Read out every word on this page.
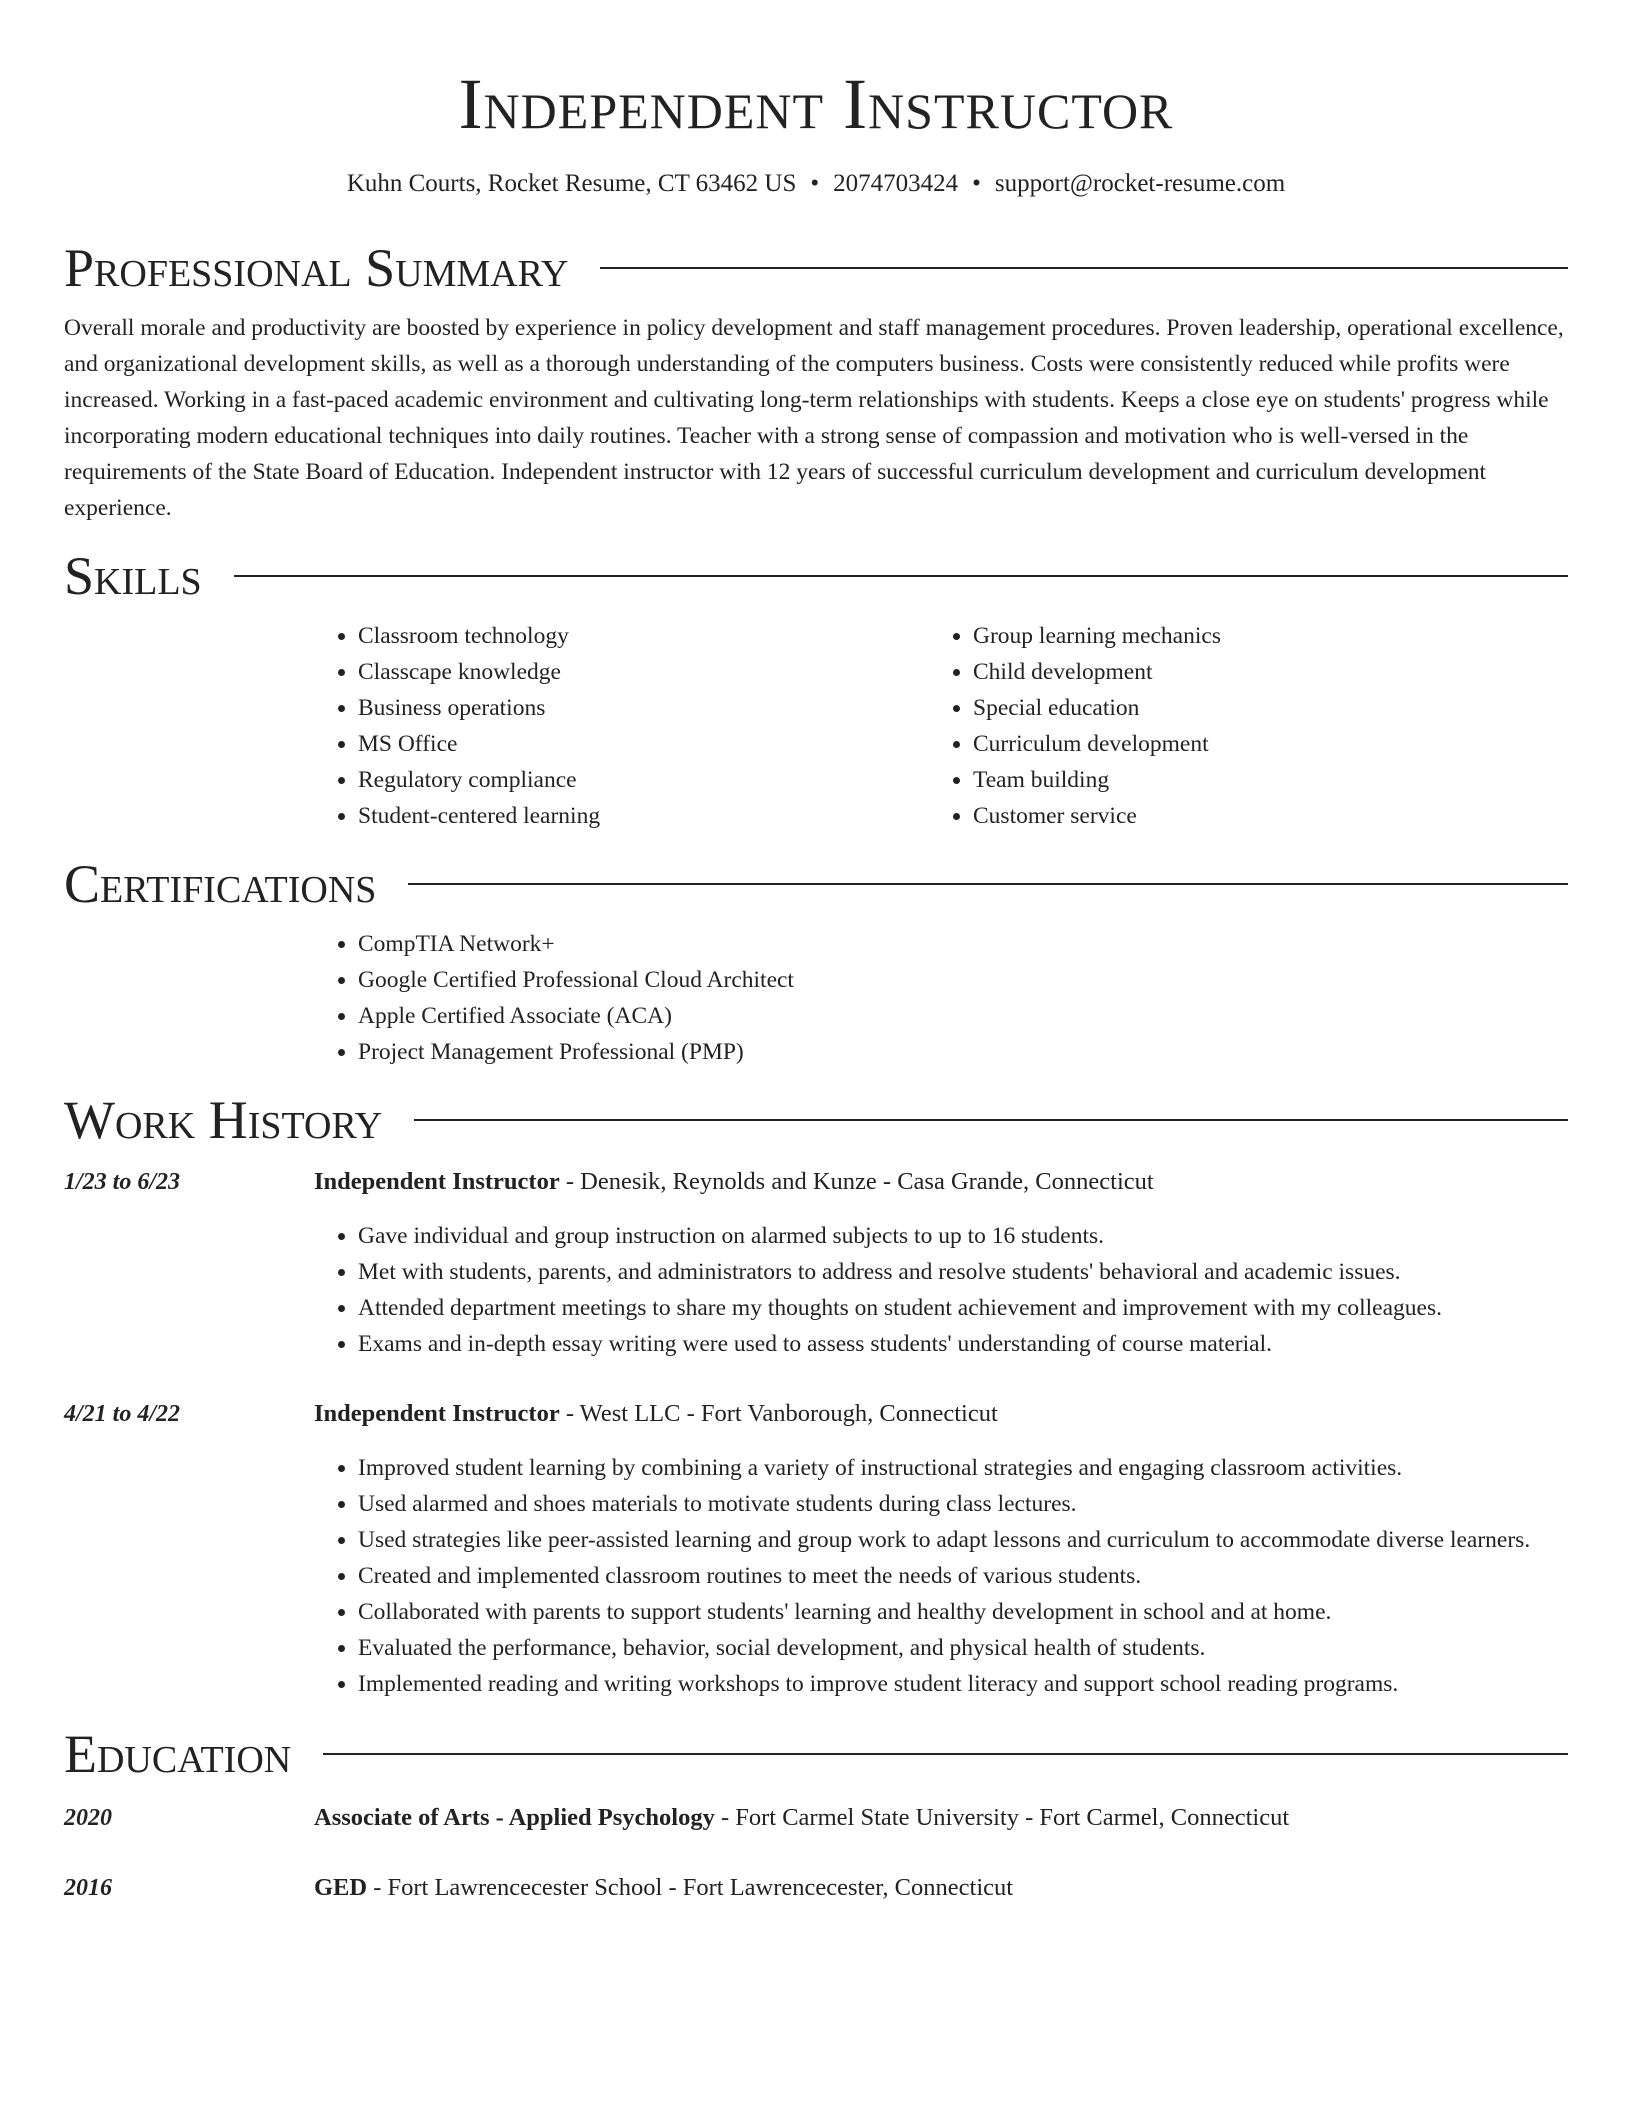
Independent Instructor
Kuhn Courts, Rocket Resume, CT 63462 US • 2074703424 • support@rocket-resume.com
Professional Summary

Overall morale and productivity are boosted by experience in policy development and staff management procedures. Proven leadership, operational excellence, and organizational development skills, as well as a thorough understanding of the computers business. Costs were consistently reduced while profits were increased. Working in a fast-paced academic environment and cultivating long-term relationships with students. Keeps a close eye on students' progress while incorporating modern educational techniques into daily routines. Teacher with a strong sense of compassion and motivation who is well-versed in the requirements of the State Board of Education. Independent instructor with 12 years of successful curriculum development and curriculum development experience.

Skills
• Classroom technology
• Classcape knowledge
• Business operations
• MS Office
• Regulatory compliance
• Student-centered learning
• Group learning mechanics
• Child development
• Special education
• Curriculum development
• Team building
• Customer service
Certifications
• CompTIA Network+
• Google Certified Professional Cloud Architect
• Apple Certified Associate (ACA)
• Project Management Professional (PMP)
Work History
1/23 to 6/23	Independent Instructor - Denesik, Reynolds and Kunze - Casa Grande, Connecticut
• Gave individual and group instruction on alarmed subjects to up to 16 students.
• Met with students, parents, and administrators to address and resolve students' behavioral and academic issues.
• Attended department meetings to share my thoughts on student achievement and improvement with my colleagues.
• Exams and in-depth essay writing were used to assess students' understanding of course material.
4/21 to 4/22	Independent Instructor - West LLC - Fort Vanborough, Connecticut
• Improved student learning by combining a variety of instructional strategies and engaging classroom activities.
• Used alarmed and shoes materials to motivate students during class lectures.
• Used strategies like peer-assisted learning and group work to adapt lessons and curriculum to accommodate diverse learners.
• Created and implemented classroom routines to meet the needs of various students.
• Collaborated with parents to support students' learning and healthy development in school and at home.
• Evaluated the performance, behavior, social development, and physical health of students.
• Implemented reading and writing workshops to improve student literacy and support school reading programs.
Education
2020	Associate of Arts - Applied Psychology - Fort Carmel State University - Fort Carmel, Connecticut
2016	GED - Fort Lawrencecester School - Fort Lawrencecester, Connecticut
